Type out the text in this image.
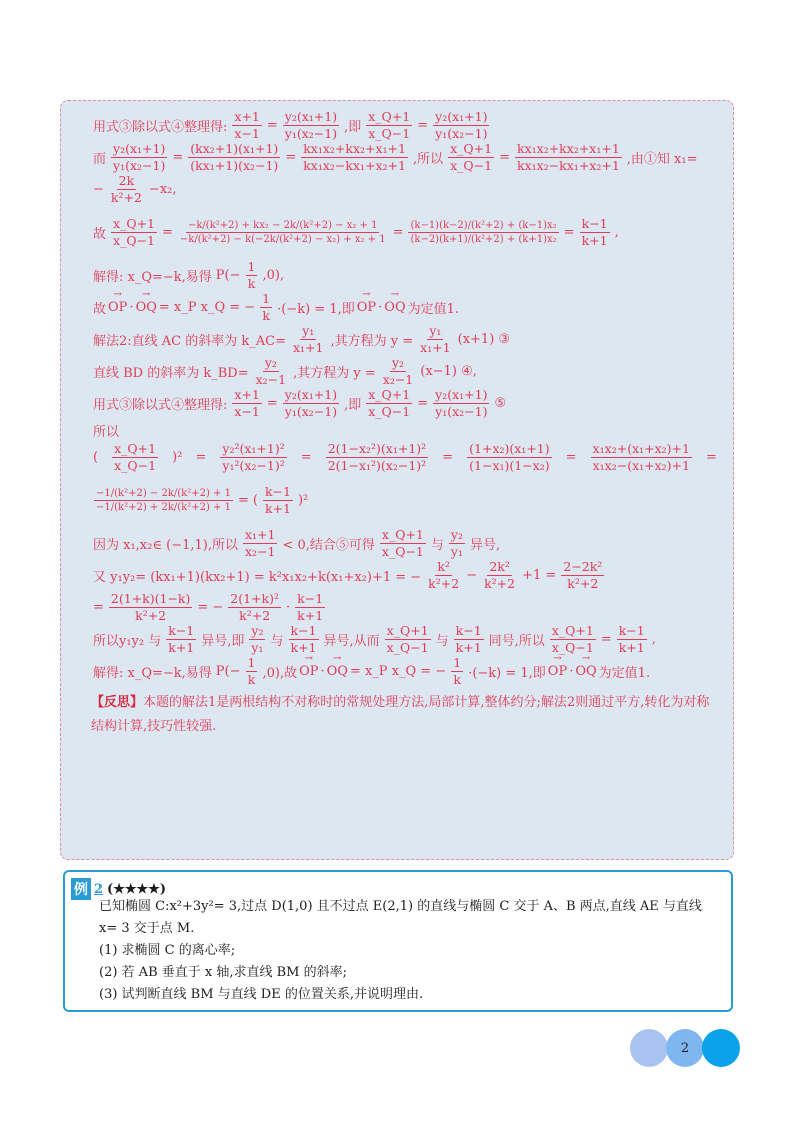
用式③除以式④整理得: $\frac{x+1}{x-1} = \frac{\text{y₂(x₁+1)}}{\text{y₁(x₂−1)}}$ ,即 $\frac{x\_Q+1}{x\_Q-1} = \frac{\text{y₂(x₁+1)}}{\text{y₁(x₂−1)}}$
而 $\frac{\text{y₂(x₁+1)}}{\text{y₁(x₂−1)}} = \frac{\text{(kx₂+1)(x₁+1)}}{\text{(kx₁+1)(x₂−1)}} = \frac{\text{kx₁x₂+kx₂+x₁+1}}{\text{kx₁x₂−kx₁+x₂+1}}$ ,所以 $\frac{x\_Q+1}{x\_Q-1} = \frac{\text{kx₁x₂+kx₂+x₁+1}}{\text{kx₁x₂−kx₁+x₂+1}}$ ,由①知 x₁=
− $\frac{2k}{\text{k²+2}} -x_2$,
故 $\frac{x\_Q+1}{x\_Q-1} = \frac{\text{−k/(k²+2) + kx₂ − 2k/(k²+2) − x₂ + 1}}{\text{−k/(k²+2) − k(−2k/(k²+2) − x₂) + x₂ + 1}} = \frac{\text{(k−1)(k−2)/(k²+2) + (k−1)x₂}}{\text{(k−2)(k+1)/(k²+2) + (k+1)x₂}} = \frac{k-1}{k+1}$ ,
解得: x_Q=−k,易得 $P(- \frac{1}{k} ,0)$,
故 → OP · → OQ = x_P x_Q = − $\frac{1}{k} \cdot(-k) = 1$,即 → OP · → OQ 为定值1.
解法2:直线 AC 的斜率为 k_AC= $\frac{\text{y₁}}{\text{x₁+1}}$ ,其方程为 $y = \frac{\text{y₁}}{\text{x₁+1}} (x+1)$ ③
直线 BD 的斜率为 k_BD= $\frac{\text{y₂}}{\text{x₂−1}}$ ,其方程为 $y = \frac{\text{y₂}}{\text{x₂−1}} (x-1)$ ④,
用式③除以式④整理得: $\frac{x+1}{x-1} = \frac{\text{y₂(x₁+1)}}{\text{y₁(x₂−1)}}$ ,即 $\frac{x\_Q+1}{x\_Q-1} = \frac{\text{y₂(x₁+1)}}{\text{y₁(x₂−1)}}$ ⑤
所以
( $\frac{x\_Q+1}{x\_Q-1} )^2 = \frac{\text{y₂²(x₁+1)²}}{\text{y₁²(x₂−1)²}} = \frac{\text{2(1−x₂²)(x₁+1)²}}{\text{2(1−x₁²)(x₂−1)²}} = \frac{\text{(1+x₂)(x₁+1)}}{\text{(1−x₁)(1−x₂)}} = \frac{\text{x₁x₂+(x₁+x₂)+1}}{\text{x₁x₂−(x₁+x₂)+1}}$ =
$\frac{\text{−1/(k²+2) − 2k/(k²+2) + 1}}{\text{−1/(k²+2) + 2k/(k²+2) + 1}}$ = ( $\frac{k-1}{k+1} )^2$
因为 x₁,x₂∈ (−1,1),所以 $\frac{\text{x₁+1}}{\text{x₂−1}} < 0$,结合⑤可得 $\frac{x\_Q+1}{x\_Q-1}$ 与 $\frac{\text{y₂}}{\text{y₁}}$ 异号,
又 y₁y₂= (kx₁+1)(kx₂+1) = k²x₁x₂+k(x₁+x₂)+1 = − $\frac{\text{k²}}{\text{k²+2}} - \frac{\text{2k²}}{\text{k²+2}} +1 = \frac{\text{2−2k²}}{\text{k²+2}}$
= $\frac{2(1+k)(1-k)}{\text{k²+2}}$ = − $\frac{\text{2(1+k)²}}{\text{k²+2}} \cdot \frac{k-1}{k+1}$
所以y₁y₂ 与 $\frac{k-1}{k+1}$ 异号,即 $\frac{\text{y₂}}{\text{y₁}}$ 与 $\frac{k-1}{k+1}$ 异号,从而 $\frac{x\_Q+1}{x\_Q-1}$ 与 $\frac{k-1}{k+1}$ 同号,所以 $\frac{x\_Q+1}{x\_Q-1} = \frac{k-1}{k+1}$ ,
解得: x_Q=−k,易得 $P(- \frac{1}{k} ,0)$,故 → OP · → OQ = x_P x_Q = − $\frac{1}{k} \cdot(-k) = 1$,即 → OP · → OQ 为定值1.
【反思】本题的解法1是两根结构不对称时的常规处理方法,局部计算,整体约分;解法2则通过平方,转化为对称结构计算,技巧性较强.
例 2 (★★★★)

已知椭圆 C:x²+3y²= 3,过点 D(1,0) 且不过点 E(2,1) 的直线与椭圆 C 交于 A、B 两点,直线 AE 与直线 x= 3 交于点 M.

(1) 求椭圆 C 的离心率;

(2) 若 AB 垂直于 x 轴,求直线 BM 的斜率;

(3) 试判断直线 BM 与直线 DE 的位置关系,并说明理由.

2
